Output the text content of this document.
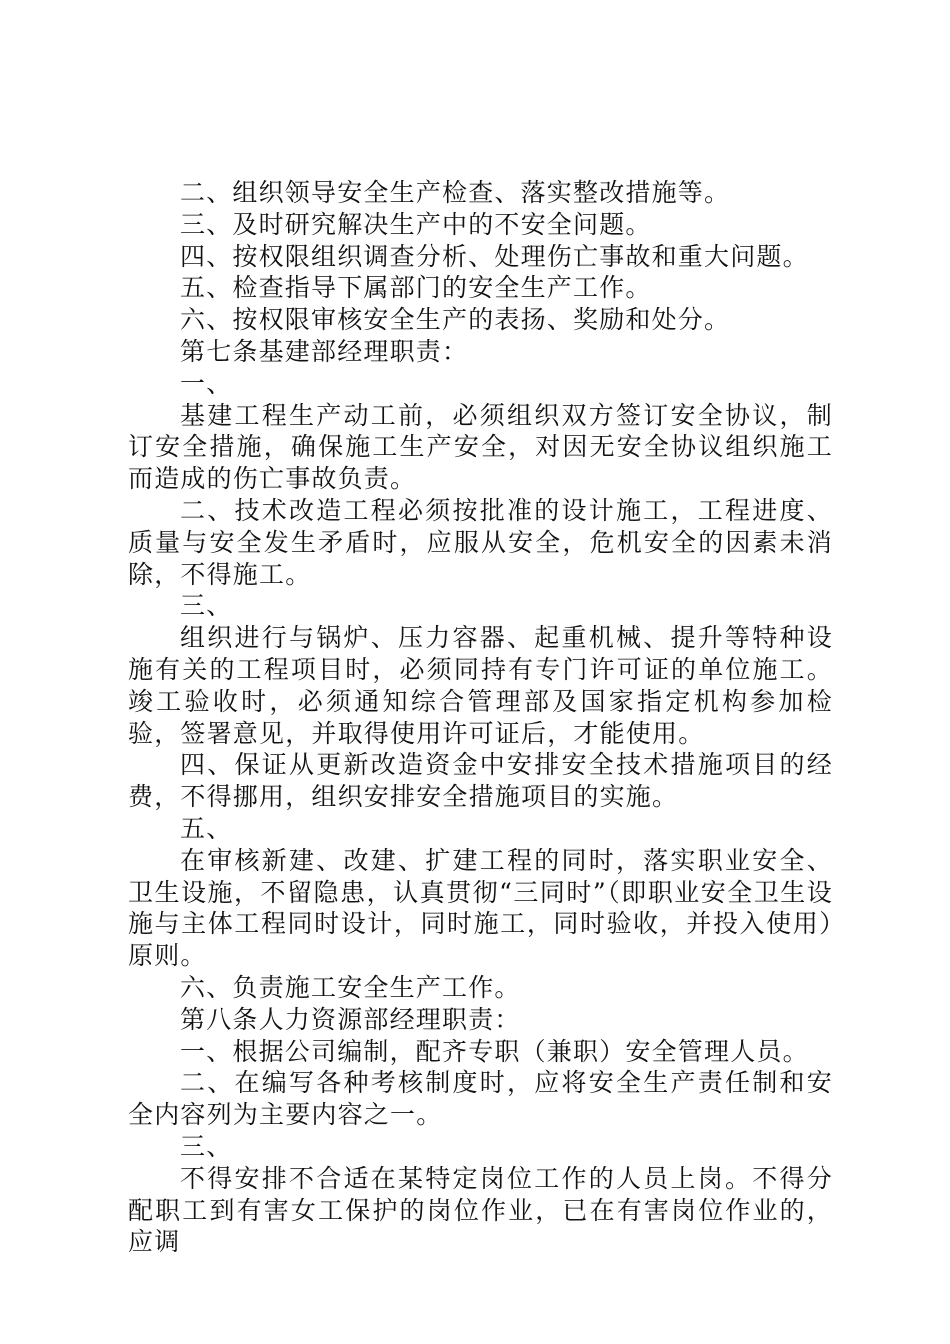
二、组织领导安全生产检查、落实整改措施等。

三、及时研究解决生产中的不安全问题。

四、按权限组织调查分析、处理伤亡事故和重大问题。

五、检查指导下属部门的安全生产工作。

六、按权限审核安全生产的表扬、奖励和处分。

第七条基建部经理职责：

一、

基建工程生产动工前，必须组织双方签订安全协议，制订安全措施，确保施工生产安全，对因无安全协议组织施工而造成的伤亡事故负责。

二、技术改造工程必须按批准的设计施工，工程进度、质量与安全发生矛盾时，应服从安全，危机安全的因素未消除，不得施工。

三、

组织进行与锅炉、压力容器、起重机械、提升等特种设施有关的工程项目时，必须同持有专门许可证的单位施工。竣工验收时，必须通知综合管理部及国家指定机构参加检验，签署意见，并取得使用许可证后，才能使用。

四、保证从更新改造资金中安排安全技术措施项目的经费，不得挪用，组织安排安全措施项目的实施。

五、

在审核新建、改建、扩建工程的同时，落实职业安全、卫生设施，不留隐患，认真贯彻“三同时”（即职业安全卫生设施与主体工程同时设计，同时施工，同时验收，并投入使用）原则。

六、负责施工安全生产工作。

第八条人力资源部经理职责：

一、根据公司编制，配齐专职（兼职）安全管理人员。

二、在编写各种考核制度时，应将安全生产责任制和安全内容列为主要内容之一。

三、

不得安排不合适在某特定岗位工作的人员上岗。不得分配职工到有害女工保护的岗位作业，已在有害岗位作业的，应调
